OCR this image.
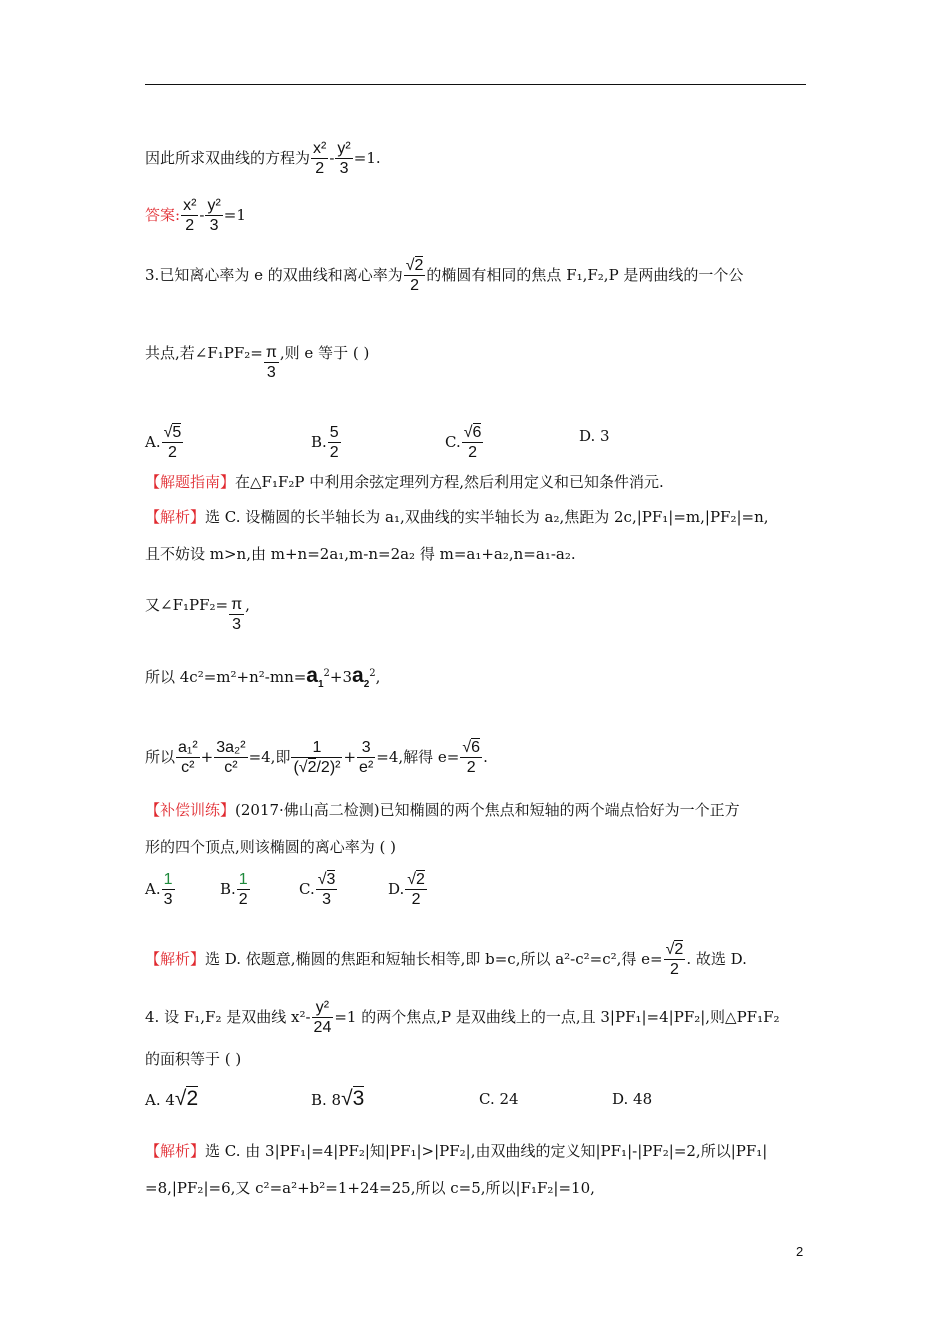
因此所求双曲线的方程为 $\frac{\text{x²}}{2} - \frac{\text{y²}}{3} =1$.
答案: $\frac{\text{x²}}{2} - \frac{\text{y²}}{3} =1$
3.已知离心率为 e 的双曲线和离心率为 $\frac{√2}{2}$ 的椭圆有相同的焦点 F₁,F₂,P 是两曲线的一个公
共点,若∠F₁PF₂= $\frac{\pi}{3}$ ,则 e 等于 ( )
A. $\frac{√5}{2}$	B. $\frac{5}{2}$	C. $\frac{√6}{2}$	D. 3
【解题指南】在△F₁F₂P 中利用余弦定理列方程,然后利用定义和已知条件消元.
【解析】选 C. 设椭圆的长半轴长为 a₁,双曲线的实半轴长为 a₂,焦距为 2c,|PF₁|=m,|PF₂|=n,
且不妨设 m>n,由 m+n=2a₁,m-n=2a₂ 得 m=a₁+a₂,n=a₁-a₂.
又∠F₁PF₂= $\frac{\pi}{3}$ ,
所以 $4c^2=m^2+n^2-mn=a_1^2+3a_2^2$,
所以 $\frac{\text{a₁²}}{\text{c²}} + \frac{\text{3a₂²}}{\text{c²}} =4$,即 $\frac{1}{\text{(√2/2)²}} + \frac{3}{\text{e²}} =4$,解得 $e= \frac{√6}{2}$ .
【补偿训练】(2017·佛山高二检测)已知椭圆的两个焦点和短轴的两个端点恰好为一个正方
形的四个顶点,则该椭圆的离心率为 ( )
A. $\frac{1}{3}$	B. $\frac{1}{2}$	C. $\frac{√3}{3}$	D. $\frac{√2}{2}$
【解析】选 D. 依题意,椭圆的焦距和短轴长相等,即 b=c,所以 a²-c²=c²,得 $e= \frac{√2}{2}$ . 故选 D.
4. 设 F₁,F₂ 是双曲线 $x^2- \frac{\text{y²}}{24} =1$ 的两个焦点,P 是双曲线上的一点,且 3|PF₁|=4|PF₂|,则△PF₁F₂
的面积等于 ( )
A. 4√2	B. 8√3	C. 24	D. 48
【解析】选 C. 由 3|PF₁|=4|PF₂|知|PF₁|>|PF₂|,由双曲线的定义知|PF₁|-|PF₂|=2,所以|PF₁|
=8,|PF₂|=6,又 c²=a²+b²=1+24=25,所以 c=5,所以|F₁F₂|=10,
2
